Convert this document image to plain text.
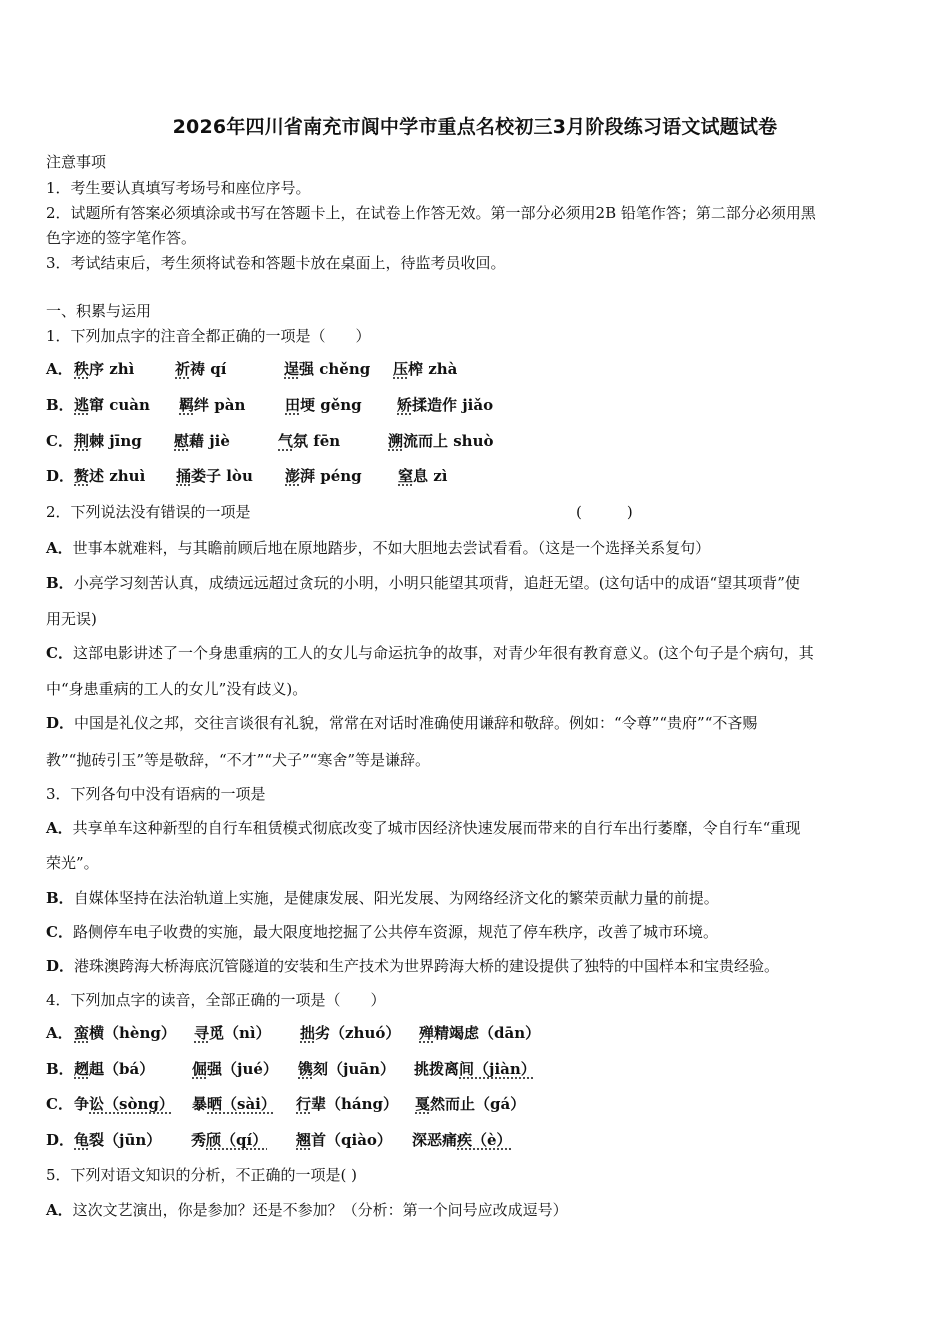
2026年四川省南充市阆中学市重点名校初三3月阶段练习语文试题试卷
注意事项
1．考生要认真填写考场号和座位序号。
2．试题所有答案必须填涂或书写在答题卡上，在试卷上作答无效。第一部分必须用2B 铅笔作答；第二部分必须用黑
色字迹的签字笔作答。
3．考试结束后，考生须将试卷和答题卡放在桌面上，待监考员收回。
一、积累与运用
1．下列加点字的注音全都正确的一项是（　　）
A． 秩序 zhì	祈祷 qí	逞强 chěng 压榨 zhà
B． 逃窜 cuàn 羁绊 pàn	田埂 gěng 矫揉造作 jiǎo
C． 荆棘 jīng 慰藉 jiè	气氛 fēn	溯流而上 shuò
D． 赘述 zhuì 捅娄子 lòu 澎湃 péng 窒息 zì
2．下列说法没有错误的一项是	(　　　)
A．世事本就难料，与其瞻前顾后地在原地踏步，不如大胆地去尝试看看。（这是一个选择关系复句）
B．小亮学习刻苦认真，成绩远远超过贪玩的小明，小明只能望其项背，追赶无望。(这句话中的成语“望其项背”使
用无误)
C．这部电影讲述了一个身患重病的工人的女儿与命运抗争的故事，对青少年很有教育意义。(这个句子是个病句，其
中“身患重病的工人的女儿”没有歧义)。
D．中国是礼仪之邦，交往言谈很有礼貌，常常在对话时准确使用谦辞和敬辞。例如：“令尊”“贵府”“不吝赐
教”“抛砖引玉”等是敬辞，“不才”“犬子”“寒舍”等是谦辞。
3．下列各句中没有语病的一项是
A．共享单车这种新型的自行车租赁模式彻底改变了城市因经济快速发展而带来的自行车出行萎靡，令自行车“重现
荣光”。
B．自媒体坚持在法治轨道上实施，是健康发展、阳光发展、为网络经济文化的繁荣贡献力量的前提。
C．路侧停车电子收费的实施，最大限度地挖掘了公共停车资源，规范了停车秩序，改善了城市环境。
D．港珠澳跨海大桥海底沉管隧道的安装和生产技术为世界跨海大桥的建设提供了独特的中国样本和宝贵经验。
4．下列加点字的读音，全部正确的一项是（　　）
A． 蛮横（hèng） 寻觅（nì） 拙劣（zhuó） 殚精竭虑（dān）
B． 趔趄（bá）	倔强（jué） 镌刻（juān） 挑拨离间（jiàn）
C． 争讼（sòng） 暴晒（sài） 行辈（háng） 戛然而止（gá）
D． 龟裂（jūn） 秀颀（qí） 翘首（qiào） 深恶痛疾（è）
5．下列对语文知识的分析，不正确的一项是( )
A．这次文艺演出，你是参加？还是不参加？（分析：第一个问号应改成逗号）
